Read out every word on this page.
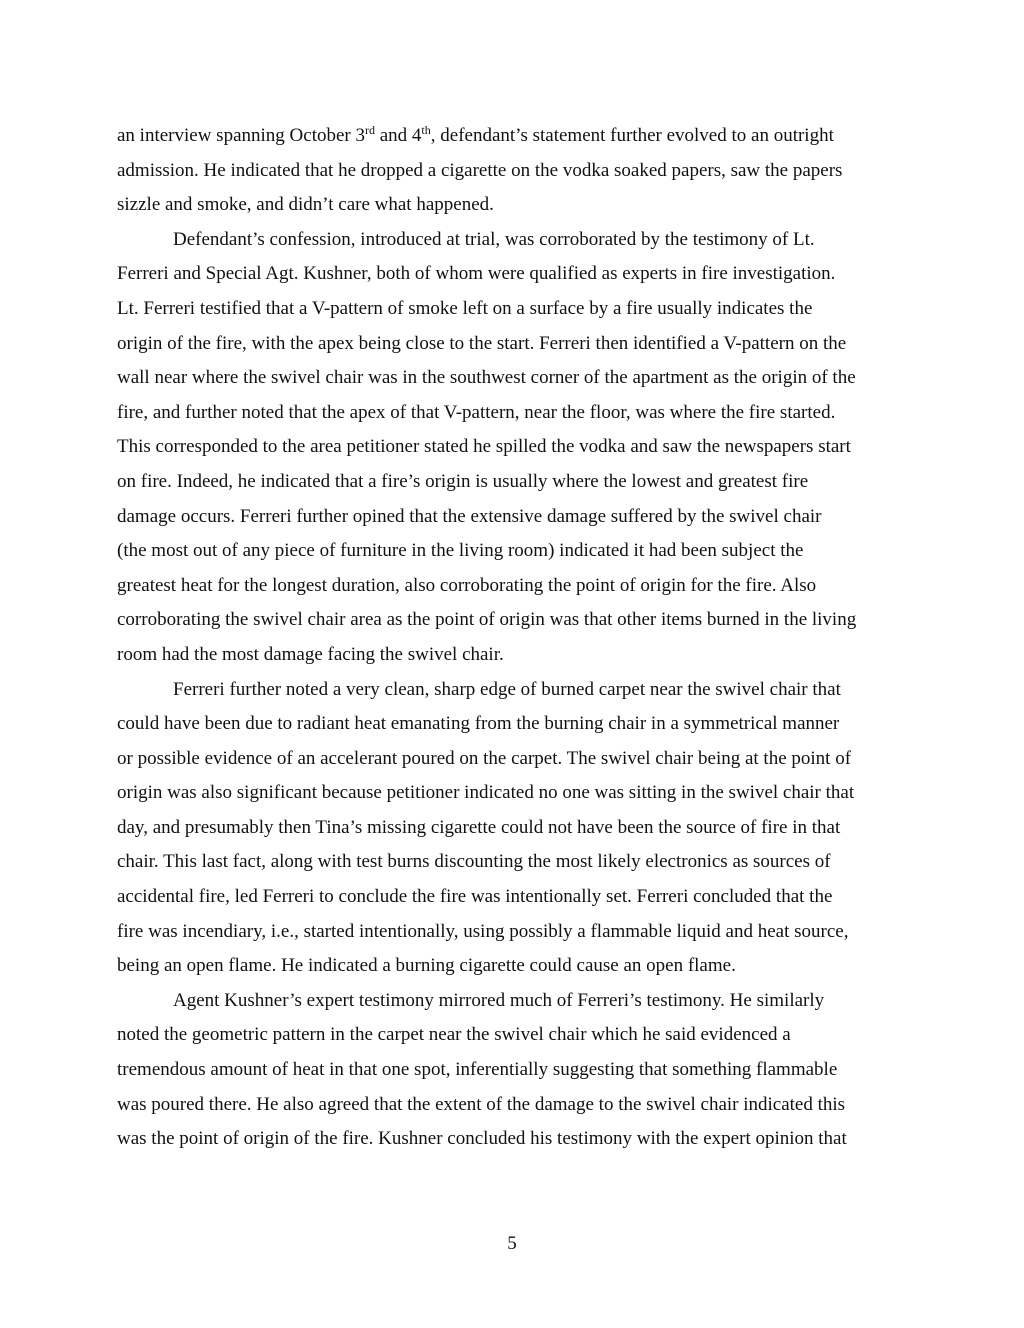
an interview spanning October 3rd and 4th, defendant’s statement further evolved to an outright
admission. He indicated that he dropped a cigarette on the vodka soaked papers, saw the papers
sizzle and smoke, and didn’t care what happened.
Defendant’s confession, introduced at trial, was corroborated by the testimony of Lt.
Ferreri and Special Agt. Kushner, both of whom were qualified as experts in fire investigation.
Lt. Ferreri testified that a V-pattern of smoke left on a surface by a fire usually indicates the
origin of the fire, with the apex being close to the start. Ferreri then identified a V-pattern on the
wall near where the swivel chair was in the southwest corner of the apartment as the origin of the
fire, and further noted that the apex of that V-pattern, near the floor, was where the fire started.
This corresponded to the area petitioner stated he spilled the vodka and saw the newspapers start
on fire. Indeed, he indicated that a fire’s origin is usually where the lowest and greatest fire
damage occurs. Ferreri further opined that the extensive damage suffered by the swivel chair
(the most out of any piece of furniture in the living room) indicated it had been subject the
greatest heat for the longest duration, also corroborating the point of origin for the fire. Also
corroborating the swivel chair area as the point of origin was that other items burned in the living
room had the most damage facing the swivel chair.
Ferreri further noted a very clean, sharp edge of burned carpet near the swivel chair that
could have been due to radiant heat emanating from the burning chair in a symmetrical manner
or possible evidence of an accelerant poured on the carpet. The swivel chair being at the point of
origin was also significant because petitioner indicated no one was sitting in the swivel chair that
day, and presumably then Tina’s missing cigarette could not have been the source of fire in that
chair. This last fact, along with test burns discounting the most likely electronics as sources of
accidental fire, led Ferreri to conclude the fire was intentionally set. Ferreri concluded that the
fire was incendiary, i.e., started intentionally, using possibly a flammable liquid and heat source,
being an open flame. He indicated a burning cigarette could cause an open flame.
Agent Kushner’s expert testimony mirrored much of Ferreri’s testimony. He similarly
noted the geometric pattern in the carpet near the swivel chair which he said evidenced a
tremendous amount of heat in that one spot, inferentially suggesting that something flammable
was poured there. He also agreed that the extent of the damage to the swivel chair indicated this
was the point of origin of the fire. Kushner concluded his testimony with the expert opinion that
5
